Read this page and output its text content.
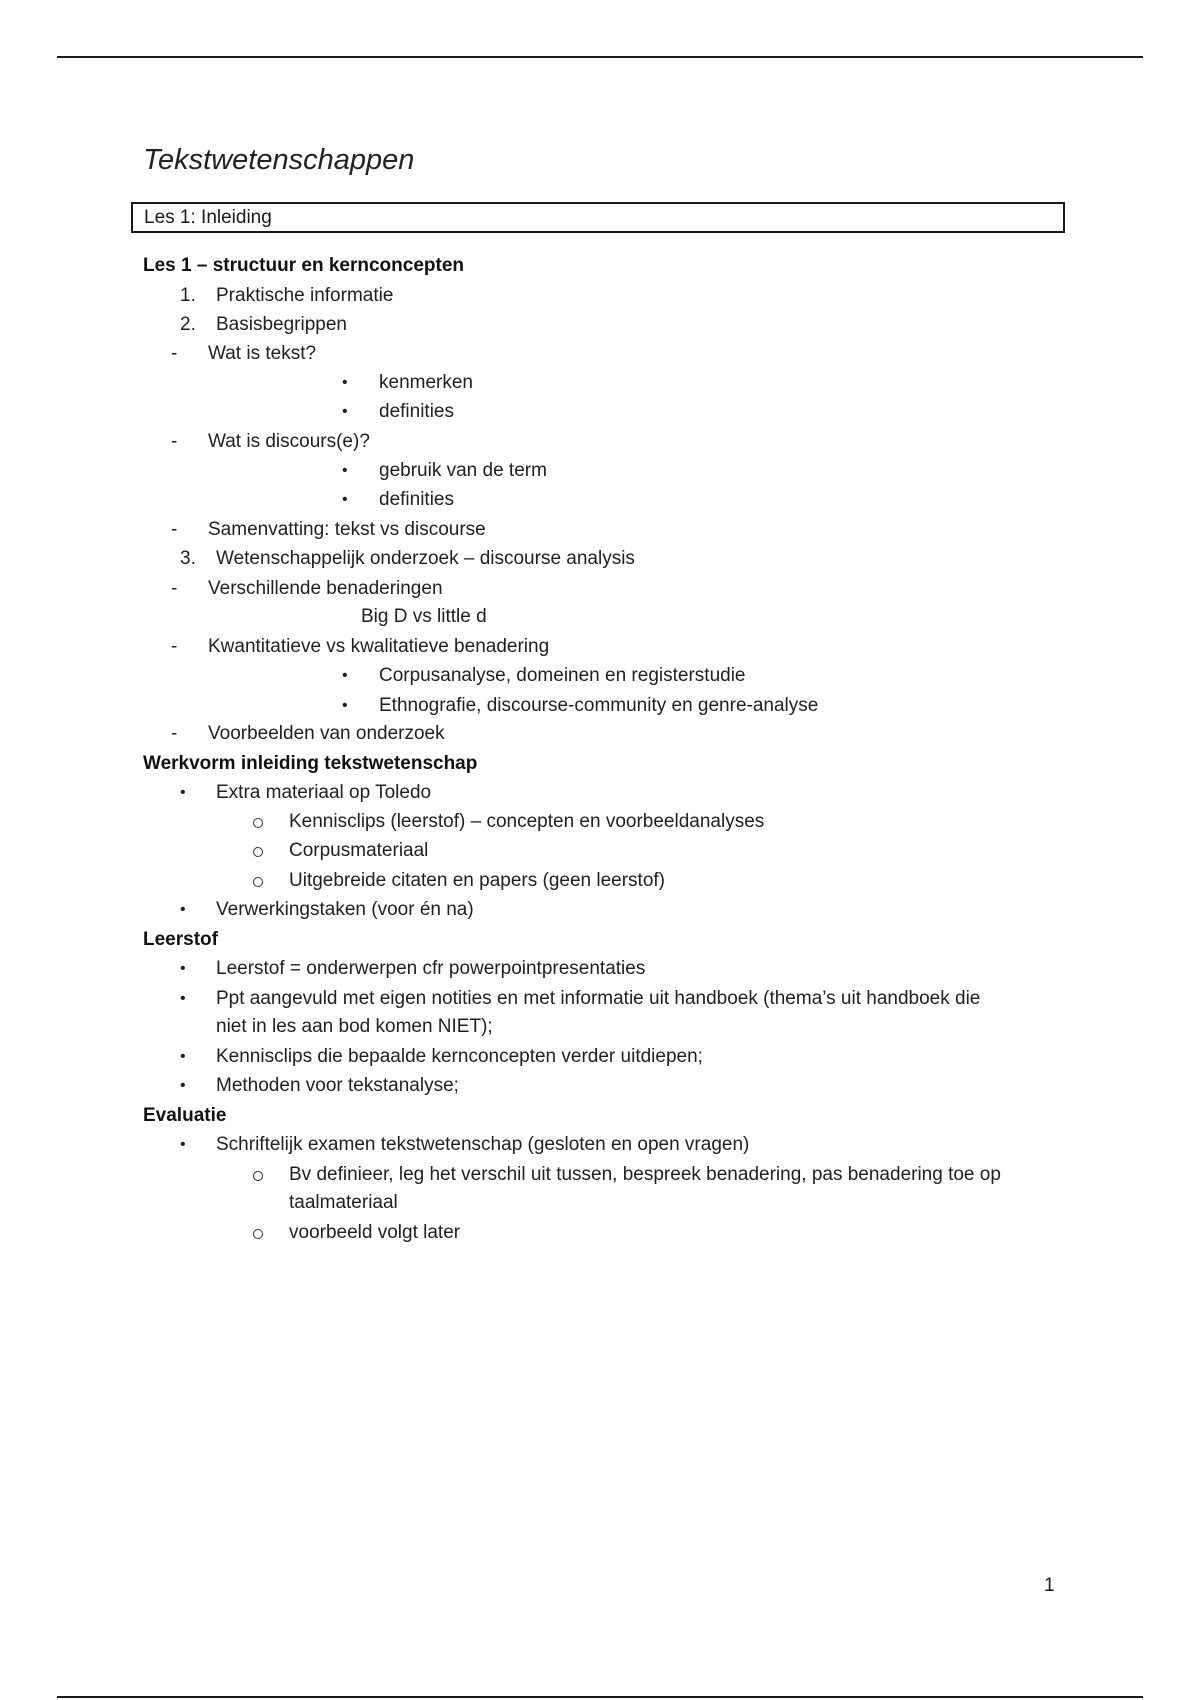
Tekstwetenschappen
Les 1: Inleiding
Les 1 – structuur en kernconcepten
1. Praktische informatie
2. Basisbegrippen
- Wat is tekst?
• kenmerken
• definities
- Wat is discours(e)?
• gebruik van de term
• definities
- Samenvatting: tekst vs discourse
3. Wetenschappelijk onderzoek – discourse analysis
- Verschillende benaderingen
Big D vs little d
- Kwantitatieve vs kwalitatieve benadering
• Corpusanalyse, domeinen en registerstudie
• Ethnografie, discourse-community en genre-analyse
- Voorbeelden van onderzoek
Werkvorm inleiding tekstwetenschap
• Extra materiaal op Toledo
Kennisclips (leerstof) – concepten en voorbeeldanalyses
Corpusmateriaal
Uitgebreide citaten en papers (geen leerstof)
• Verwerkingstaken (voor én na)
Leerstof
• Leerstof = onderwerpen cfr powerpointpresentaties
• Ppt aangevuld met eigen notities en met informatie uit handboek (thema’s uit handboek die
niet in les aan bod komen NIET);
• Kennisclips die bepaalde kernconcepten verder uitdiepen;
• Methoden voor tekstanalyse;
Evaluatie
• Schriftelijk examen tekstwetenschap (gesloten en open vragen)
Bv definieer, leg het verschil uit tussen, bespreek benadering, pas benadering toe op
taalmateriaal
voorbeeld volgt later
1
